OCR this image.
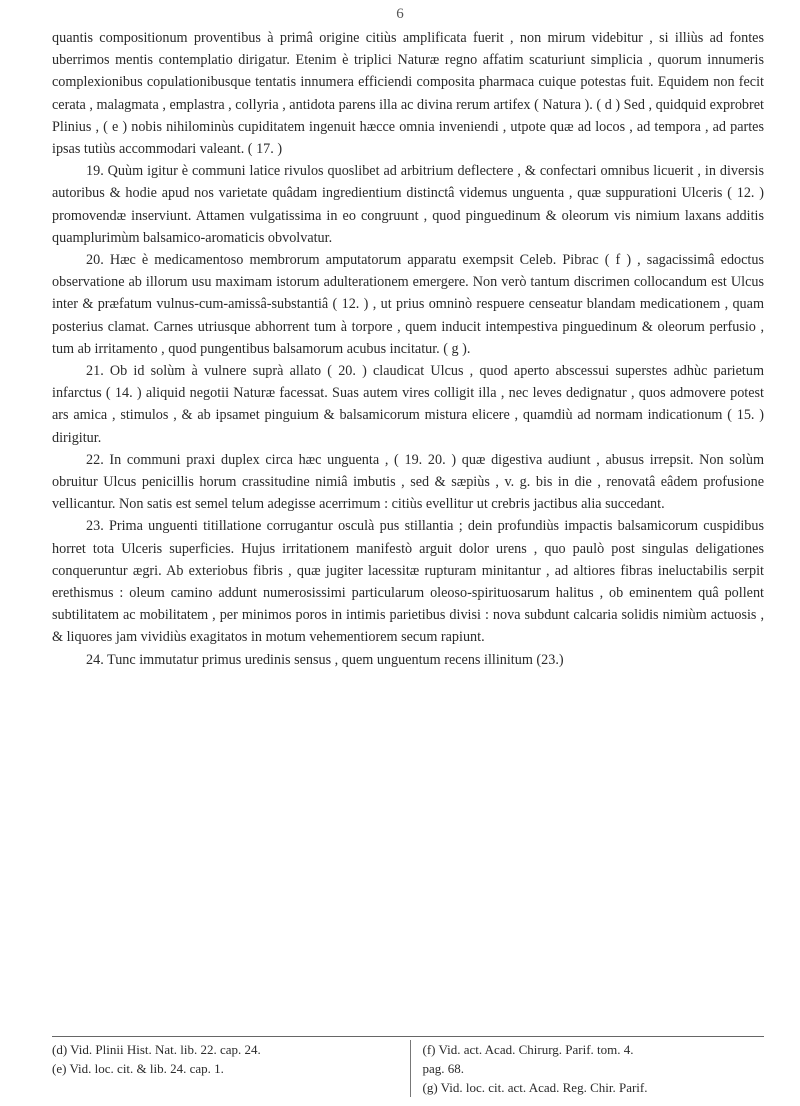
6

quantis compositionum proventibus à primâ origine citiùs amplificata fuerit , non mirum videbitur , si illiùs ad fontes uberrimos mentis contemplatio dirigatur. Etenim è triplici Naturæ regno affatim scaturiunt simplicia , quorum innumeris complexionibus copulationibusque tentatis innumera efficiendi composita pharmaca cuique potestas fuit. Equidem non fecit cerata , malagmata , emplastra , collyria , antidota parens illa ac divina rerum artifex ( Natura ). ( d ) Sed , quidquid exprobret Plinius , ( e ) nobis nihilominùs cupiditatem ingenuit hæcce omnia inveniendi , utpote quæ ad locos , ad tempora , ad partes ipsas tutiùs accommodari valeant. ( 17. )

19. Quùm igitur è communi latice rivulos quoslibet ad arbitrium deflectere , & confectari omnibus licuerit , in diversis autoribus & hodie apud nos varietate quâdam ingredientium distinctâ videmus unguenta , quæ suppurationi Ulceris ( 12. ) promovendæ inserviunt. Attamen vulgatissima in eo congruunt , quod pinguedinum & oleorum vis nimium laxans additis quamplurimùm balsamico-aromaticis obvolvatur.

20. Hæc è medicamentoso membrorum amputatorum apparatu exempsit Celeb. Pibrac ( f ) , sagacissimâ edoctus observatione ab illorum usu maximam istorum adulterationem emergere. Non verò tantum discrimen collocandum est Ulcus inter & præfatum vulnus-cum-amissâ-substantiâ ( 12. ) , ut prius omninò respuere censeatur blandam medicationem , quam posterius clamat. Carnes utriusque abhorrent tum à torpore , quem inducit intempestiva pinguedinum & oleorum perfusio , tum ab irritamento , quod pungentibus balsamorum acubus incitatur. ( g ).

21. Ob id solùm à vulnere suprà allato ( 20. ) claudicat Ulcus , quod aperto abscessui superstes adhùc parietum infarctus ( 14. ) aliquid negotii Naturæ facessat. Suas autem vires colligit illa , nec leves dedignatur , quos admovere potest ars amica , stimulos , & ab ipsamet pinguium & balsamicorum mistura elicere , quamdiù ad normam indicationum ( 15. ) dirigitur.

22. In communi praxi duplex circa hæc unguenta , ( 19. 20. ) quæ digestiva audiunt , abusus irrepsit. Non solùm obruitur Ulcus penicillis horum crassitudine nimiâ imbutis , sed & sæpiùs , v. g. bis in die , renovatâ eâdem profusione vellicantur. Non satis est semel telum adegisse acerrimum : citiùs evellitur ut crebris jactibus alia succedant.

23. Prima unguenti titillatione corrugantur osculà pus stillantia ; dein profundiùs impactis balsamicorum cuspidibus horret tota Ulceris superficies. Hujus irritationem manifestò arguit dolor urens , quo paulò post singulas deligationes conqueruntur ægri. Ab exteriobus fibris , quæ jugiter lacessitæ rupturam minitantur , ad altiores fibras ineluctabilis serpit erethismus : oleum camino addunt numerosissimi particularum oleoso-spirituosarum halitus , ob eminentem quâ pollent subtilitatem ac mobilitatem , per minimos poros in intimis parietibus divisi : nova subdunt calcaria solidis nimiùm actuosis , & liquores jam vividiùs exagitatos in motum vehementiorem secum rapiunt.

24. Tunc immutatur primus uredinis sensus , quem unguentum recens illinitum (23.)

(d) Vid. Plinii Hist. Nat. lib. 22. cap. 24.
(e) Vid. loc. cit. & lib. 24. cap. 1.
(f) Vid. act. Acad. Chirurg. Parif. tom. 4.
pag. 68.
(g) Vid. loc. cit. act. Acad. Reg. Chir. Parif.
